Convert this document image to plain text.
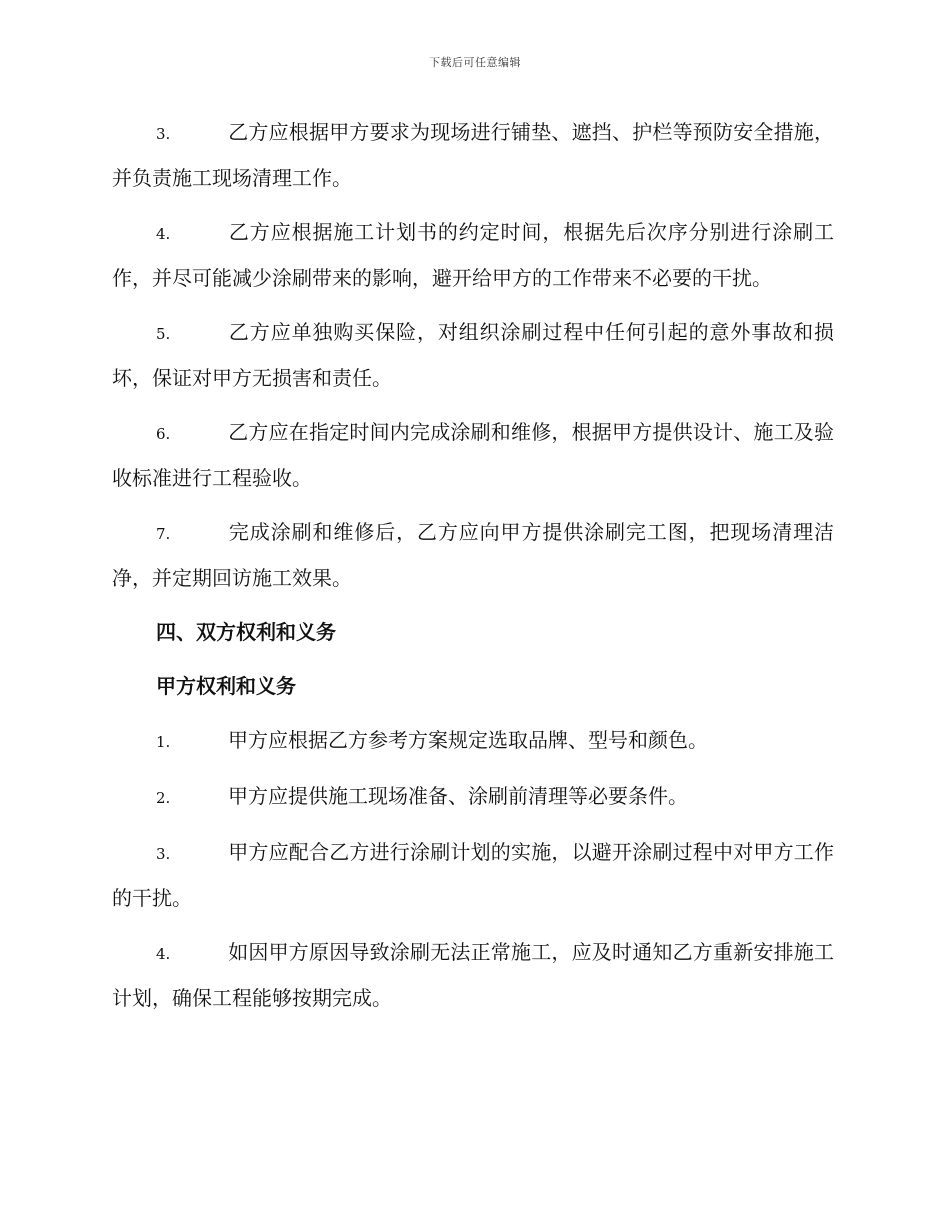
下载后可任意编辑

3.	乙方应根据甲方要求为现场进行铺垫、遮挡、护栏等预防安全措施，并负责施工现场清理工作。

4.	乙方应根据施工计划书的约定时间，根据先后次序分别进行涂刷工作，并尽可能减少涂刷带来的影响，避开给甲方的工作带来不必要的干扰。

5.	乙方应单独购买保险，对组织涂刷过程中任何引起的意外事故和损坏，保证对甲方无损害和责任。

6.	乙方应在指定时间内完成涂刷和维修，根据甲方提供设计、施工及验收标准进行工程验收。

7.	完成涂刷和维修后，乙方应向甲方提供涂刷完工图，把现场清理洁净，并定期回访施工效果。

四、双方权利和义务

甲方权利和义务

1.	甲方应根据乙方参考方案规定选取品牌、型号和颜色。

2.	甲方应提供施工现场准备、涂刷前清理等必要条件。

3.	甲方应配合乙方进行涂刷计划的实施，以避开涂刷过程中对甲方工作的干扰。

4.	如因甲方原因导致涂刷无法正常施工，应及时通知乙方重新安排施工计划，确保工程能够按期完成。
